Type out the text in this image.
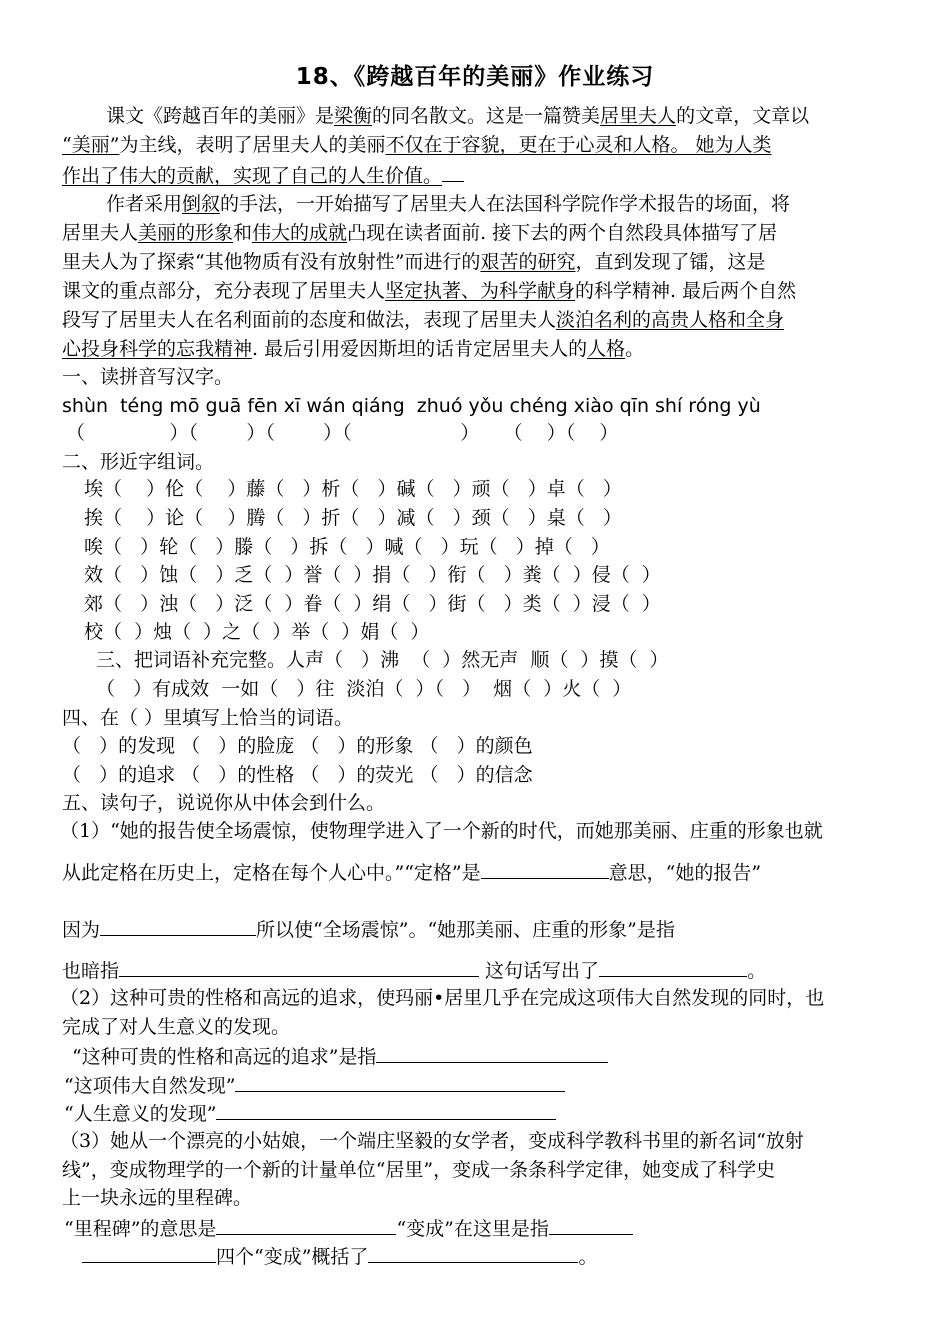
18、《跨越百年的美丽》作业练习
课文《跨越百年的美丽》是梁衡的同名散文。这是一篇赞美居里夫人的文章，文章以
“美丽”为主线，表明了居里夫人的美丽不仅在于容貌，更在于心灵和人格。 她为人类
作出了伟大的贡献，实现了自己的人生价值。
作者采用倒叙的手法，一开始描写了居里夫人在法国科学院作学术报告的场面，将
居里夫人美丽的形象和伟大的成就凸现在读者面前. 接下去的两个自然段具体描写了居
里夫人为了探索“其他物质有没有放射性”而进行的艰苦的研究，直到发现了镭，这是
课文的重点部分，充分表现了居里夫人坚定执著、为科学献身的科学精神. 最后两个自然
段写了居里夫人在名利面前的态度和做法，表现了居里夫人淡泊名利的高贵人格和全身
心投身科学的忘我精神. 最后引用爱因斯坦的话肯定居里夫人的人格。
一、读拼音写汉字。
shùn  téng mō guā fēn xī wán qiáng  zhuó yǒu chéng xiào qīn shí róng yù
（              ）（        ）（        ）（                  ）    （    ）（    ）
二、形近字组词。
埃（    ）伦（    ）藤（   ）析（   ）碱（   ）顽（   ）卓（   ）
挨（    ）论（    ）腾（   ）折（   ）减（   ）颈（   ）桌（   ）
唉（   ）轮（   ）滕（   ）拆（   ）喊（   ）玩（   ）掉（   ）
效（   ）蚀（   ）乏（  ）誉（  ）捐（   ）衔（   ）粪（  ）侵（  ）
郊（   ）浊（   ）泛（  ）眷（  ）绢（   ）街（   ）类（  ）浸（  ）
校（  ）烛（  ）之（  ）举（  ）娟（  ）
三、把词语补充完整。人声（   ）沸  （  ）然无声  顺（  ）摸（  ）
（   ）有成效  一如（   ）往  淡泊（  ）（   ）  烟（  ）火（  ）
四、在（ ）里填写上恰当的词语。
（   ）的发现 （   ）的脸庞 （   ）的形象 （   ）的颜色
（   ）的追求 （   ）的性格 （   ）的荧光 （   ）的信念
五、读句子，说说你从中体会到什么。
（1）“她的报告使全场震惊，使物理学进入了一个新的时代，而她那美丽、庄重的形象也就
从此定格在历史上，定格在每个人心中。”“定格”是	意思，“她的报告”
因为	所以使“全场震惊”。“她那美丽、庄重的形象”是指
也暗指	这句话写出了	。
（2）这种可贵的性格和高远的追求，使玛丽•居里几乎在完成这项伟大自然发现的同时，也
完成了对人生意义的发现。
“这种可贵的性格和高远的追求”是指
“这项伟大自然发现”
“人生意义的发现”
（3）她从一个漂亮的小姑娘，一个端庄坚毅的女学者，变成科学教科书里的新名词“放射
线”，变成物理学的一个新的计量单位“居里”，变成一条条科学定律，她变成了科学史
上一块永远的里程碑。
“里程碑”的意思是	“变成”在这里是指
四个“变成”概括了	。
